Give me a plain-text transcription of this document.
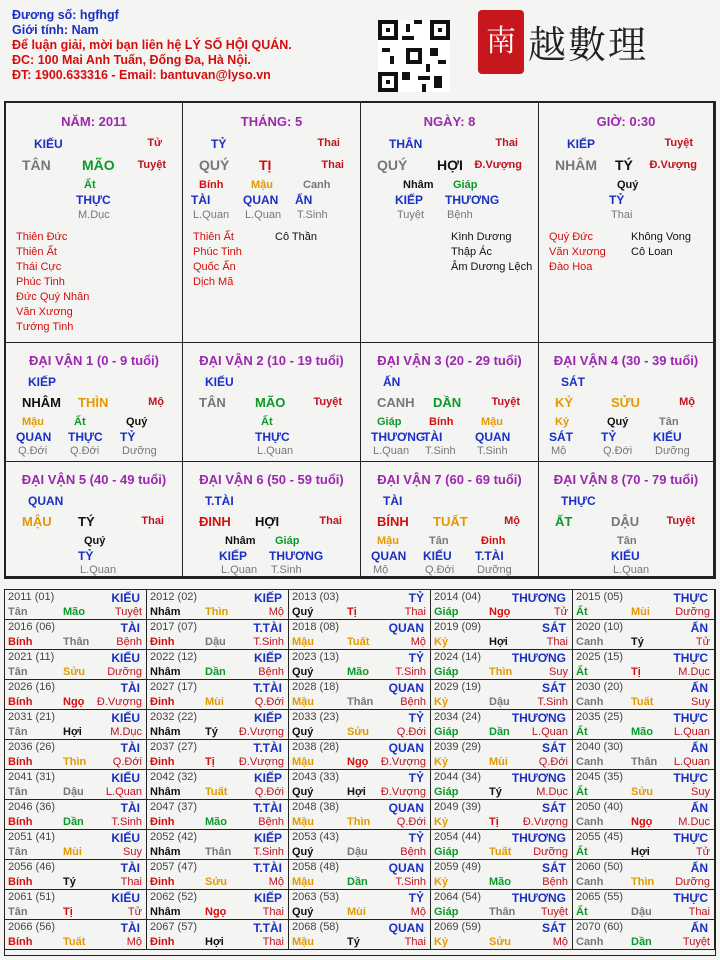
Đương số: hgfhgf
Giới tính: Nam
Để luận giải, mời bạn liên hệ LÝ SỐ HỘI QUÁN.
ĐC: 100 Mai Anh Tuấn, Đống Đa, Hà Nội.
ĐT: 1900.633316 - Email: bantuvan@lyso.vn
南 越數理
NĂM: 2011
KIẾU	Tử
TÂN MÃO Tuyệt
Ất
THỰC
M.Dục
Thiên Đức
Thiên Ất
Thái Cực
Phúc Tinh
Đức Quý Nhân
Văn Xương
Tướng Tinh
THÁNG: 5
TỶ	Thai
QUÝ TỊ	Thai
Bính
TÀI
L.Quan
Mậu
QUAN
L.Quan
Canh
ẤN
T.Sinh
Thiên Ất
Phúc Tinh
Quốc Ấn
Dịch Mã
Cô Thần
NGÀY: 8
THÂN	Thai
QUÝ HỢI Đ.Vượng
Nhâm
KIẾP
Tuyệt
Giáp
THƯƠNG
Bệnh
Kình Dương
Thập Ác
Âm Dương Lệch
GIỜ: 0:30
KIẾP	Tuyệt
NHÂM TÝ Đ.Vượng
Quý
TỶ
Thai
Quý Đức
Văn Xương
Đào Hoa
Không Vong
Cô Loan
ĐẠI VẬN 1 (0 - 9 tuổi)
KIẾP
NHÂM THÌN	Mộ
Mậu
QUAN
Q.Đới
Ất
THỰC
Q.Đới
Quý
TỶ
Dưỡng
ĐẠI VẬN 2 (10 - 19 tuổi)
KIẾU
TÂN MÃO	Tuyệt
Ất
THỰC
L.Quan
ĐẠI VẬN 3 (20 - 29 tuổi)
ẤN
CANH DẦN	Tuyệt
Giáp
THƯƠNG
L.Quan
Bính
TÀI
T.Sinh
Mậu
QUAN
T.Sinh
ĐẠI VẬN 4 (30 - 39 tuổi)
SÁT
KỶ	SỬU	Mộ
Kỷ
SÁT
Mộ
Quý
TỶ
Q.Đới
Tân
KIẾU
Dưỡng
ĐẠI VẬN 5 (40 - 49 tuổi)
QUAN
MẬU TÝ	Thai
Quý
TỶ
L.Quan
ĐẠI VẬN 6 (50 - 59 tuổi)
T.TÀI
ĐINH HỢI	Thai
Nhâm
KIẾP
L.Quan
Giáp
THƯƠNG
T.Sinh
ĐẠI VẬN 7 (60 - 69 tuổi)
TÀI
BÍNH TUẤT	Mộ
Mậu
QUAN
Mộ
Tân
KIẾU
Q.Đới
Đinh
T.TÀI
Dưỡng
ĐẠI VẬN 8 (70 - 79 tuổi)
THỰC
ẤT	DẬU Tuyệt
Tân
KIẾU
L.Quan
2011 (01)	KIẾU
Tân	Mão	Tuyệt
2012 (02)	KIẾP
Nhâm Thìn	Mộ
2013 (03)	TỶ
Quý	Tị	Thai
2014 (04)	THƯƠNG
Giáp	Ngọ	Tử
2015 (05)	THỰC
Ất	Mùi Dưỡng
2016 (06)	TÀI
Bính	Thân Bệnh
2017 (07)	T.TÀI
Đinh	Dậu	T.Sinh
2018 (08)	QUAN
Mậu	Tuất	Mộ
2019 (09)	SÁT
Kỷ	Hợi	Thai
2020 (10)	ẤN
Canh	Tý	Tử
2021 (11)	KIẾU
Tân	Sửu Dưỡng
2022 (12)	KIẾP
Nhâm Dần	Bệnh
2023 (13)	TỶ
Quý	Mão T.Sinh
2024 (14)	THƯƠNG
Giáp	Thìn	Suy
2025 (15)	THỰC
Ất	Tị	M.Dục
2026 (16)	TÀI
Bính	Ngọ Đ.Vượng
2027 (17)	T.TÀI
Đinh	Mùi	Q.Đới
2028 (18)	QUAN
Mậu	Thân Bệnh
2029 (19)	SÁT
Kỷ	Dậu	T.Sinh
2030 (20)	ẤN
Canh	Tuất	Suy
2031 (21)	KIẾU
Tân	Hợi	M.Dục
2032 (22)	KIẾP
Nhâm Tý Đ.Vượng
2033 (23)	TỶ
Quý	Sửu	Q.Đới
2034 (24)	THƯƠNG
Giáp	Dần L.Quan
2035 (25)	THỰC
Ất	Mão L.Quan
2036 (26)	TÀI
Bính	Thìn Q.Đới
2037 (27)	T.TÀI
Đinh	Tị Đ.Vượng
2038 (28)	QUAN
Mậu	Ngọ Đ.Vượng
2039 (29)	SÁT
Kỷ	Mùi	Q.Đới
2040 (30)	ẤN
Canh	Thân L.Quan
2041 (31)	KIẾU
Tân	Dậu L.Quan
2042 (32)	KIẾP
Nhâm Tuất Q.Đới
2043 (33)	TỶ
Quý	Hợi Đ.Vượng
2044 (34)	THƯƠNG
Giáp	Tý	M.Dục
2045 (35)	THỰC
Ất	Sửu	Suy
2046 (36)	TÀI
Bính	Dần	T.Sinh
2047 (37)	T.TÀI
Đinh	Mão	Bệnh
2048 (38)	QUAN
Mậu	Thìn Q.Đới
2049 (39)	SÁT
Kỷ	Tị Đ.Vượng
2050 (40)	ẤN
Canh	Ngọ M.Dục
2051 (41)	KIẾU
Tân	Mùi	Suy
2052 (42)	KIẾP
Nhâm Thân T.Sinh
2053 (43)	TỶ
Quý	Dậu	Bệnh
2054 (44)	THƯƠNG
Giáp	Tuất Dưỡng
2055 (45)	THỰC
Ất	Hợi	Tử
2056 (46)	TÀI
Bính	Tý	Thai
2057 (47)	T.TÀI
Đinh	Sửu	Mộ
2058 (48)	QUAN
Mậu	Dần	T.Sinh
2059 (49)	SÁT
Kỷ	Mão	Bệnh
2060 (50)	ẤN
Canh	Thìn Dưỡng
2061 (51)	KIẾU
Tân	Tị	Tử
2062 (52)	KIẾP
Nhâm Ngọ	Thai
2063 (53)	TỶ
Quý	Mùi	Mộ
2064 (54)	THƯƠNG
Giáp	Thân Tuyệt
2065 (55)	THỰC
Ất	Dậu	Thai
2066 (56)	TÀI
Bính	Tuất	Mộ
2067 (57)	T.TÀI
Đinh	Hợi	Thai
2068 (58)	QUAN
Mậu	Tý	Thai
2069 (59)	SÁT
Kỷ	Sửu	Mộ
2070 (60)	ẤN
Canh	Dần	Tuyệt
